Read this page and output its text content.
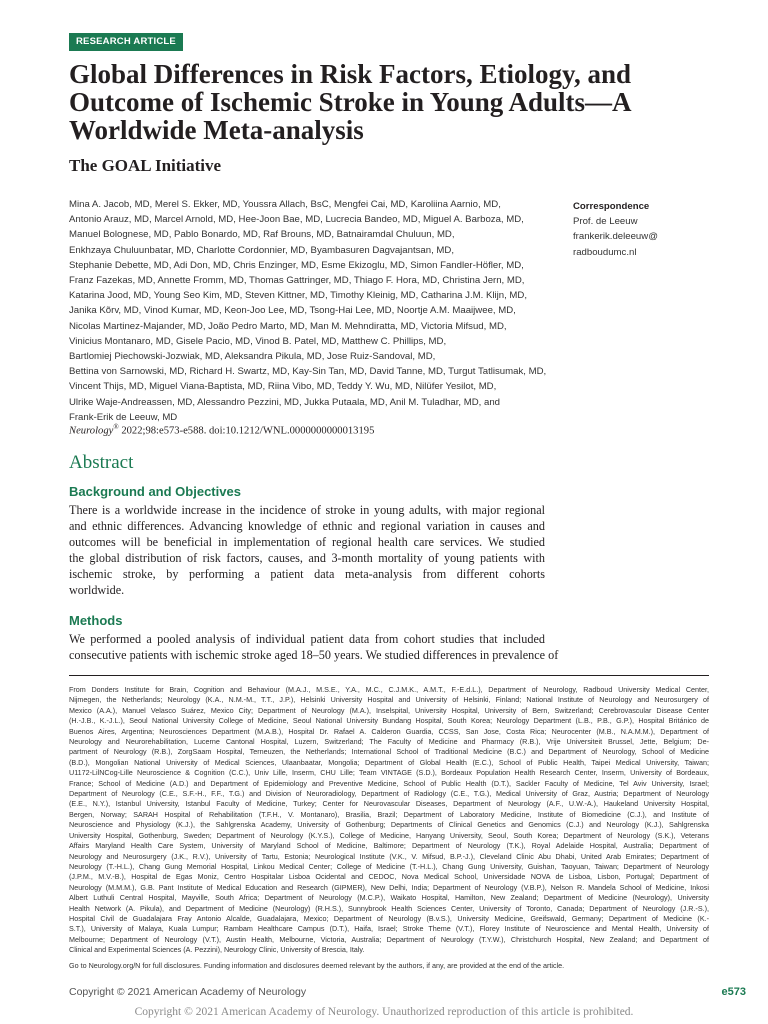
RESEARCH ARTICLE
Global Differences in Risk Factors, Etiology, and
Outcome of Ischemic Stroke in Young Adults—A
Worldwide Meta-analysis
The GOAL Initiative
Mina A. Jacob, MD, Merel S. Ekker, MD, Youssra Allach, BsC, Mengfei Cai, MD, Karoliina Aarnio, MD,
Antonio Arauz, MD, Marcel Arnold, MD, Hee-Joon Bae, MD, Lucrecia Bandeo, MD, Miguel A. Barboza, MD,
Manuel Bolognese, MD, Pablo Bonardo, MD, Raf Brouns, MD, Batnairamdal Chuluun, MD,
Enkhzaya Chuluunbatar, MD, Charlotte Cordonnier, MD, Byambasuren Dagvajantsan, MD,
Stephanie Debette, MD, Adi Don, MD, Chris Enzinger, MD, Esme Ekizoglu, MD, Simon Fandler-Höfler, MD,
Franz Fazekas, MD, Annette Fromm, MD, Thomas Gattringer, MD, Thiago F. Hora, MD, Christina Jern, MD,
Katarina Jood, MD, Young Seo Kim, MD, Steven Kittner, MD, Timothy Kleinig, MD, Catharina J.M. Klijn, MD,
Janika Kõrv, MD, Vinod Kumar, MD, Keon-Joo Lee, MD, Tsong-Hai Lee, MD, Noortje A.M. Maaijwee, MD,
Nicolas Martinez-Majander, MD, João Pedro Marto, MD, Man M. Mehndiratta, MD, Victoria Mifsud, MD,
Vinicius Montanaro, MD, Gisele Pacio, MD, Vinod B. Patel, MD, Matthew C. Phillips, MD,
Bartlomiej Piechowski-Jozwiak, MD, Aleksandra Pikula, MD, Jose Ruiz-Sandoval, MD,
Bettina von Sarnowski, MD, Richard H. Swartz, MD, Kay-Sin Tan, MD, David Tanne, MD, Turgut Tatlisumak, MD,
Vincent Thijs, MD, Miguel Viana-Baptista, MD, Riina Vibo, MD, Teddy Y. Wu, MD, Nilüfer Yesilot, MD,
Ulrike Waje-Andreassen, MD, Alessandro Pezzini, MD, Jukka Putaala, MD, Anil M. Tuladhar, MD, and
Frank-Erik de Leeuw, MD
Correspondence
Prof. de Leeuw
frankerik.deleeuw@
radboudumc.nl
Neurology® 2022;98:e573-e588. doi:10.1212/WNL.0000000000013195
Abstract
Background and Objectives
There is a worldwide increase in the incidence of stroke in young adults, with major regional
and ethnic differences. Advancing knowledge of ethnic and regional variation in causes and
outcomes will be beneficial in implementation of regional health care services. We studied
the global distribution of risk factors, causes, and 3-month mortality of young patients with
ischemic stroke, by performing a patient data meta-analysis from different cohorts
worldwide.
Methods
We performed a pooled analysis of individual patient data from cohort studies that included
consecutive patients with ischemic stroke aged 18–50 years. We studied differences in prevalence of
From Donders Institute for Brain, Cognition and Behaviour (M.A.J., M.S.E., Y.A., M.C., C.J.M.K., A.M.T., F.-E.d.L.), Department of Neurology, Radboud University Medical Center,
Nijmegen, the Netherlands; Neurology (K.A., N.M.-M., T.T., J.P.), Helsinki University Hospital and University of Helsinki, Finland; National Institute of Neurology and Neurosurgery of
Mexico (A.A.), Manuel Velasco Suárez, Mexico City; Department of Neurology (M.A.), Inselspital, University Hospital, University of Bern, Switzerland; Cerebrovascular Disease Center
(H.-J.B., K.-J.L.), Seoul National University College of Medicine, Seoul National University Bundang Hospital, South Korea; Neurology Department (L.B., P.B., G.P.), Hospital Británico de
Buenos Aires, Argentina; Neurosciences Department (M.A.B.), Hospital Dr. Rafael A. Calderon Guardia, CCSS, San Jose, Costa Rica; Neurocenter (M.B., N.A.M.M.), Department of
Neurology and Neurorehabilitation, Lucerne Cantonal Hospital, Luzern, Switzerland; The Faculty of Medicine and Pharmacy (R.B.), Vrije Universiteit Brussel, Jette, Belgium; De-
partment of Neurology (R.B.), ZorgSaam Hospital, Terneuzen, the Netherlands; International School of Traditional Medicine (B.C.) and Department of Neurology, School of Medicine
(B.D.), Mongolian National University of Medical Sciences, Ulaanbaatar, Mongolia; Department of Global Health (E.C.), School of Public Health, Taipei Medical University, Taiwan;
U1172-LilNCog-Lille Neuroscience & Cognition (C.C.), Univ Lille, Inserm, CHU Lille; Team VINTAGE (S.D.), Bordeaux Population Health Research Center, Inserm, University of Bordeaux,
France; School of Medicine (A.D.) and Department of Epidemiology and Preventive Medicine, School of Public Health (D.T.), Sackler Faculty of Medicine, Tel Aviv University, Israel;
Department of Neurology (C.E., S.F.-H., F.F., T.G.) and Division of Neuroradiology, Department of Radiology (C.E., T.G.), Medical University of Graz, Austria; Department of Neurology
(E.E., N.Y.), Istanbul University, Istanbul Faculty of Medicine, Turkey; Center for Neurovascular Diseases, Department of Neurology (A.F., U.W.-A.), Haukeland University Hospital,
Bergen, Norway; SARAH Hospital of Rehabilitation (T.F.H., V. Montanaro), Brasilia, Brazil; Department of Laboratory Medicine, Institute of Biomedicine (C.J.), and Institute of
Neuroscience and Physiology (K.J.), the Sahlgrenska Academy, University of Gothenburg; Departments of Clinical Genetics and Genomics (C.J.) and Neurology (K.J.), Sahlgrenska
University Hospital, Gothenburg, Sweden; Department of Neurology (K.Y.S.), College of Medicine, Hanyang University, Seoul, South Korea; Department of Neurology (S.K.), Veterans
Affairs Maryland Health Care System, University of Maryland School of Medicine, Baltimore; Department of Neurology (T.K.), Royal Adelaide Hospital, Australia; Department of
Neurology and Neurosurgery (J.K., R.V.), University of Tartu, Estonia; Neurological Institute (V.K., V. Mifsud, B.P.-J.), Cleveland Clinic Abu Dhabi, United Arab Emirates; Department of
Neurology (T.-H.L.), Chang Gung Memorial Hospital, Linkou Medical Center; College of Medicine (T.-H.L.), Chang Gung University, Guishan, Taoyuan, Taiwan; Department of Neurology
(J.P.M., M.V.-B.), Hospital de Egas Moniz, Centro Hospitalar Lisboa Ocidental and CEDOC, Nova Medical School, Universidade NOVA de Lisboa, Lisbon, Portugal; Department of
Neurology (M.M.M.), G.B. Pant Institute of Medical Education and Research (GIPMER), New Delhi, India; Department of Neurology (V.B.P.), Nelson R. Mandela School of Medicine, Inkosi
Albert Luthuli Central Hospital, Mayville, South Africa; Department of Neurology (M.C.P.), Waikato Hospital, Hamilton, New Zealand; Department of Medicine (Neurology), University
Health Network (A. Pikula), and Department of Medicine (Neurology) (R.H.S.), Sunnybrook Health Sciences Center, University of Toronto, Canada; Department of Neurology (J.R.-S.),
Hospital Civil de Guadalajara Fray Antonio Alcalde, Guadalajara, Mexico; Department of Neurology (B.v.S.), University Medicine, Greifswald, Germany; Department of Medicine (K.-
S.T.), University of Malaya, Kuala Lumpur; Rambam Healthcare Campus (D.T.), Haifa, Israel; Stroke Theme (V.T.), Florey Institute of Neuroscience and Mental Health, University of
Melbourne; Department of Neurology (V.T.), Austin Health, Melbourne, Victoria, Australia; Department of Neurology (T.Y.W.), Christchurch Hospital, New Zealand; and Department of
Clinical and Experimental Sciences (A. Pezzini), Neurology Clinic, University of Brescia, Italy.
Go to Neurology.org/N for full disclosures. Funding information and disclosures deemed relevant by the authors, if any, are provided at the end of the article.
Copyright © 2021 American Academy of Neurology	e573
Copyright © 2021 American Academy of Neurology. Unauthorized reproduction of this article is prohibited.
